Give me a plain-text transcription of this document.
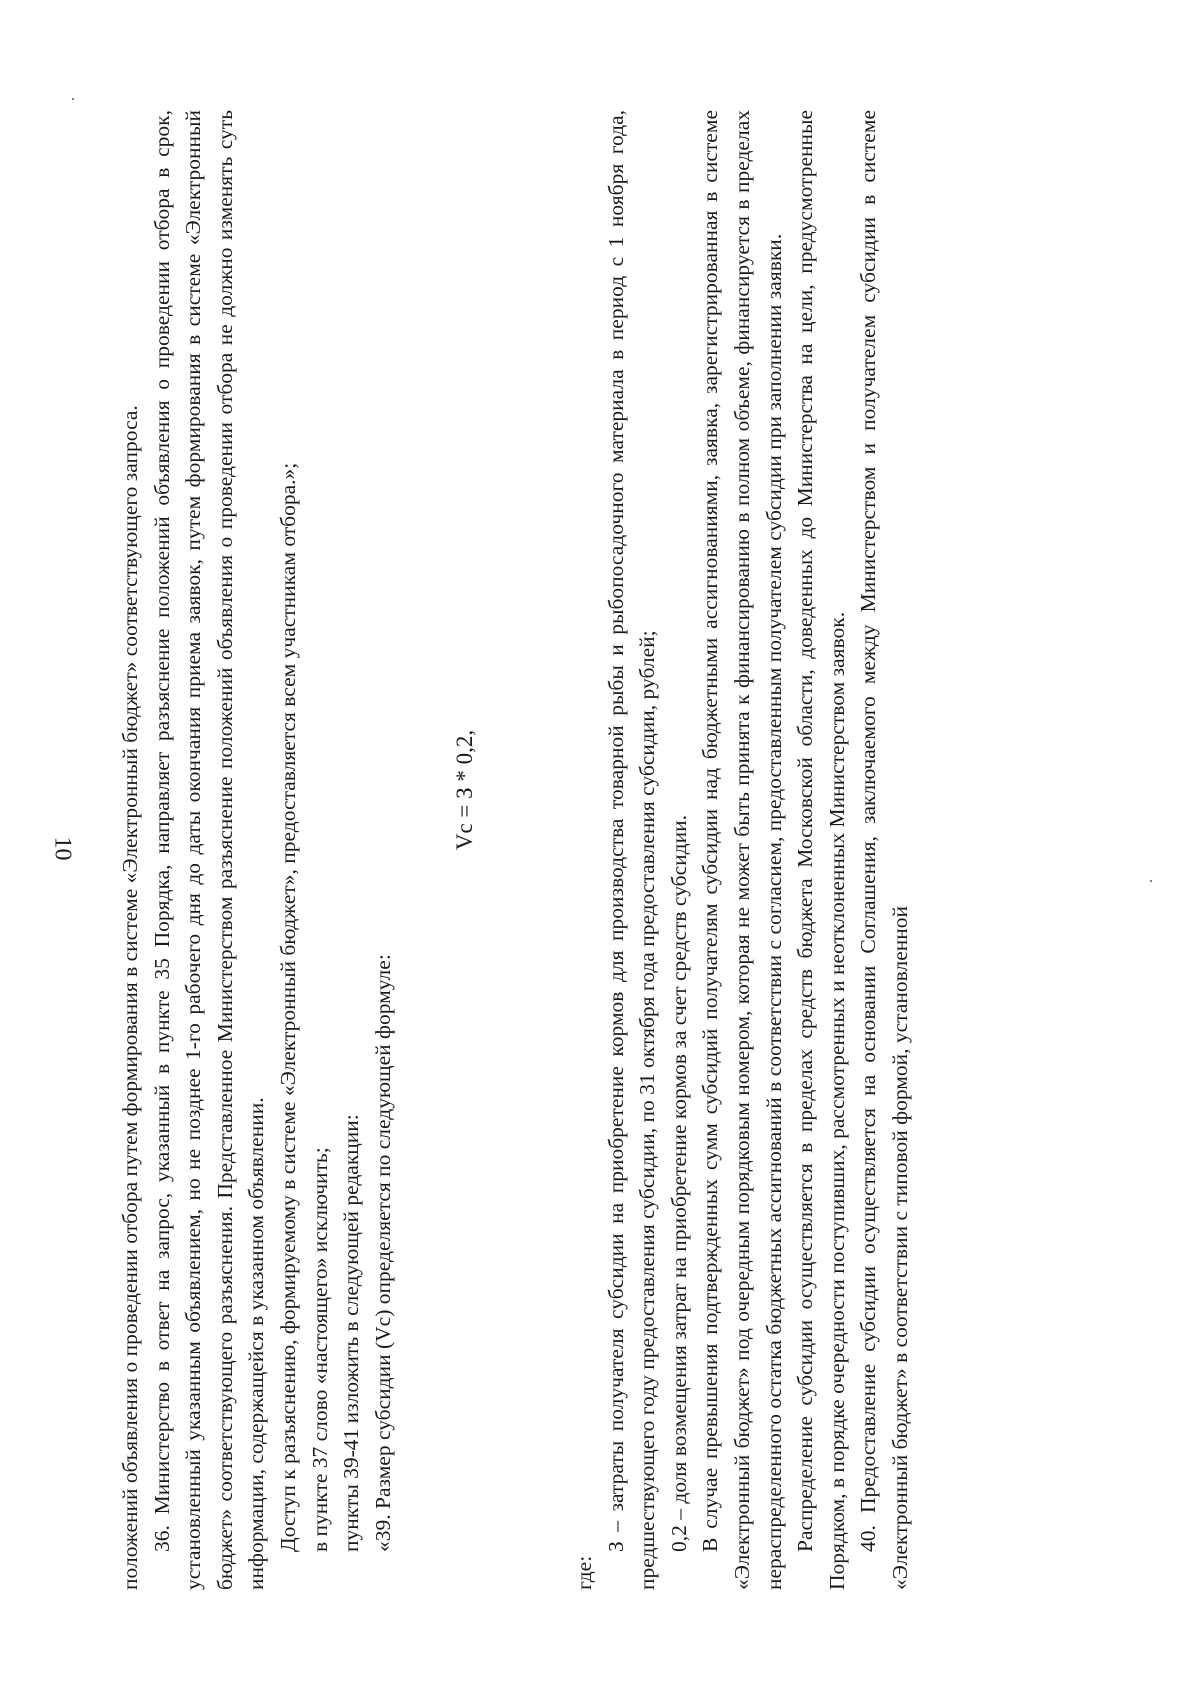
10 положений объявления о проведении отбора путем формирования в системе «Электронный бюджет» соответствующего запроса. 36. Министерство в ответ на запрос, указанный в пункте 35 Порядка, направляет разъяснение положений объявления о проведении отбора в срок, установленный указанным объявлением, но не позднее 1-го рабочего дня до даты окончания приема заявок, путем формирования в системе «Электронный бюджет» соответствующего разъяснения. Представленное Министерством разъяснение положений объявления о проведении отбора не должно изменять суть информации, содержащейся в указанном объявлении. Доступ к разъяснению, формируемому в системе «Электронный бюджет», предоставляется всем участникам отбора.»; в пункте 37 слово «настоящего» исключить; пункты 39-41 изложить в следующей редакции: «39. Размер субсидии (Vc) определяется по следующей формуле:

Vc = З * 0,2,

где:

З – затраты получателя субсидии на приобретение кормов для производства товарной рыбы и рыбопосадочного материала в период с 1 ноября года, предшествующего году предоставления субсидии, по 31 октября года предоставления субсидии, рублей; 0,2 – доля возмещения затрат на приобретение кормов за счет средств субсидии. В случае превышения подтвержденных сумм субсидий получателям субсидии над бюджетными ассигнованиями, заявка, зарегистрированная в системе «Электронный бюджет» под очередным порядковым номером, которая не может быть принята к финансированию в полном объеме, финансируется в пределах нераспределенного остатка бюджетных ассигнований в соответствии с согласием, предоставленным получателем субсидии при заполнении заявки. Распределение субсидии осуществляется в пределах средств бюджета Московской области, доведенных до Министерства на цели, предусмотренные Порядком, в порядке очередности поступивших, рассмотренных и неотклоненных Министерством заявок. 40. Предоставление субсидии осуществляется на основании Соглашения, заключаемого между Министерством и получателем субсидии в системе «Электронный бюджет» в соответствии с типовой формой, установленной
